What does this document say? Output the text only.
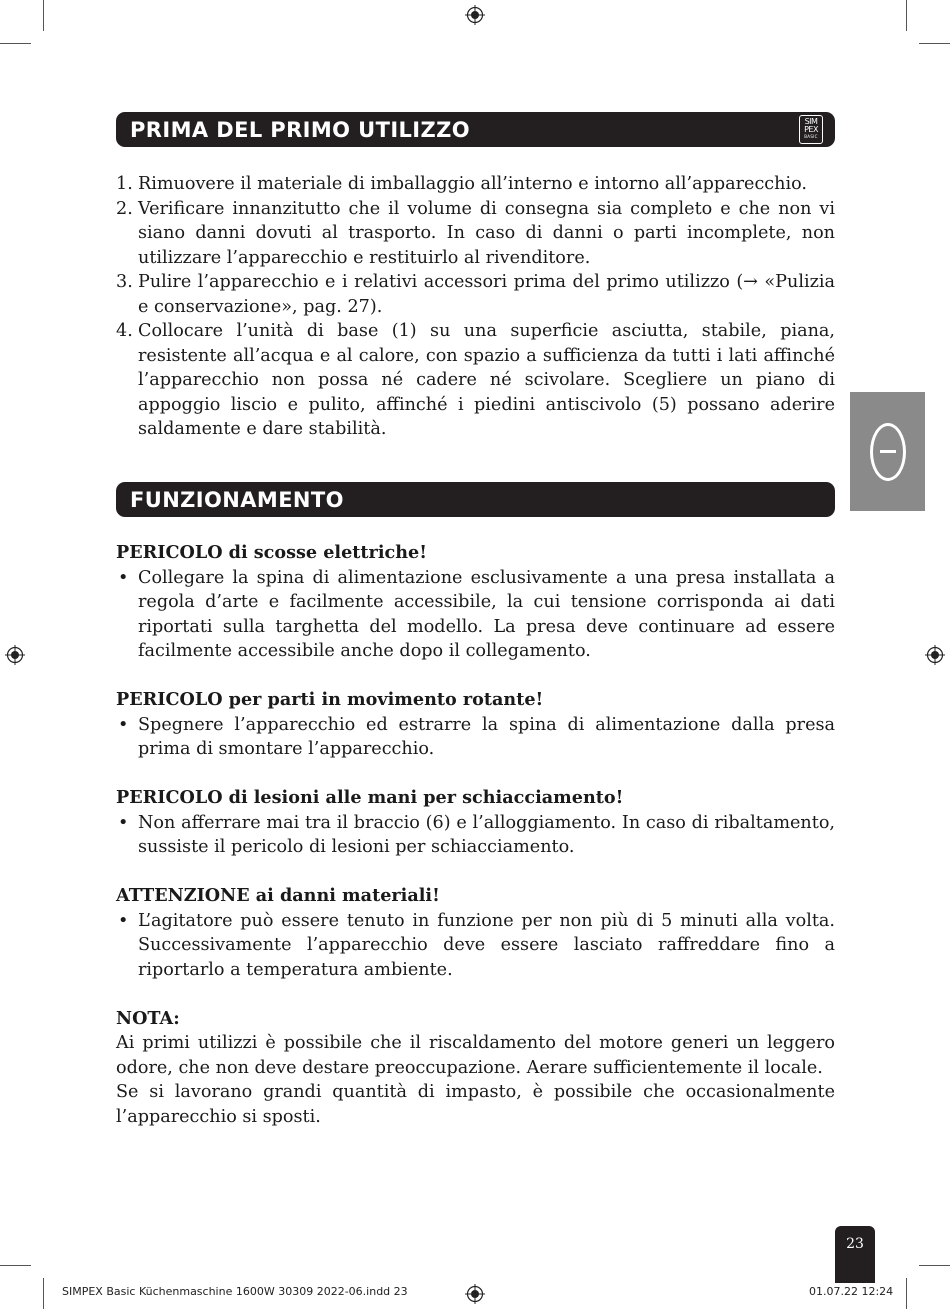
PRIMA DEL PRIMO UTILIZZO	SIM
PEX
BASIC
1. Rimuovere il materiale di imballaggio all’interno e intorno all’apparecchio.
2. Verificare innanzitutto che il volume di consegna sia completo e che non vi siano danni dovuti al trasporto. In caso di danni o parti incomplete, non utilizzare l’apparecchio e restituirlo al rivenditore.
3. Pulire l’apparecchio e i relativi accessori prima del primo utilizzo (→ «Pulizia e conservazione», pag. 27).
4. Collocare l’unità di base (1) su una superficie asciutta, stabile, piana, resistente all’acqua e al calore, con spazio a sufficienza da tutti i lati affinché l’apparecchio non possa né cadere né scivolare. Scegliere un piano di appoggio liscio e pulito, affinché i piedini antiscivolo (5) possano aderire saldamente e dare stabilità.
FUNZIONAMENTO

PERICOLO di scosse elettriche!

• Collegare la spina di alimentazione esclusivamente a una presa installata a regola d’arte e facilmente accessibile, la cui tensione corrisponda ai dati riportati sulla targhetta del modello. La presa deve continuare ad essere facilmente accessibile anche dopo il collegamento.

PERICOLO per parti in movimento rotante!

• Spegnere l’apparecchio ed estrarre la spina di alimentazione dalla presa prima di smontare l’apparecchio.

PERICOLO di lesioni alle mani per schiacciamento!

• Non afferrare mai tra il braccio (6) e l’alloggiamento. In caso di ribaltamento, sussiste il pericolo di lesioni per schiacciamento.

ATTENZIONE ai danni materiali!

• L’agitatore può essere tenuto in funzione per non più di 5 minuti alla volta. Successivamente l’apparecchio deve essere lasciato raffreddare fino a riportarlo a temperatura ambiente.

NOTA:

Ai primi utilizzi è possibile che il riscaldamento del motore generi un leggero odore, che non deve destare preoccupazione. Aerare sufficientemente il locale.

Se si lavorano grandi quantità di impasto, è possibile che occasionalmente l’apparecchio si sposti.

23
SIMPEX Basic Küchenmaschine 1600W 30309 2022-06.indd 23	01.07.22 12:24
